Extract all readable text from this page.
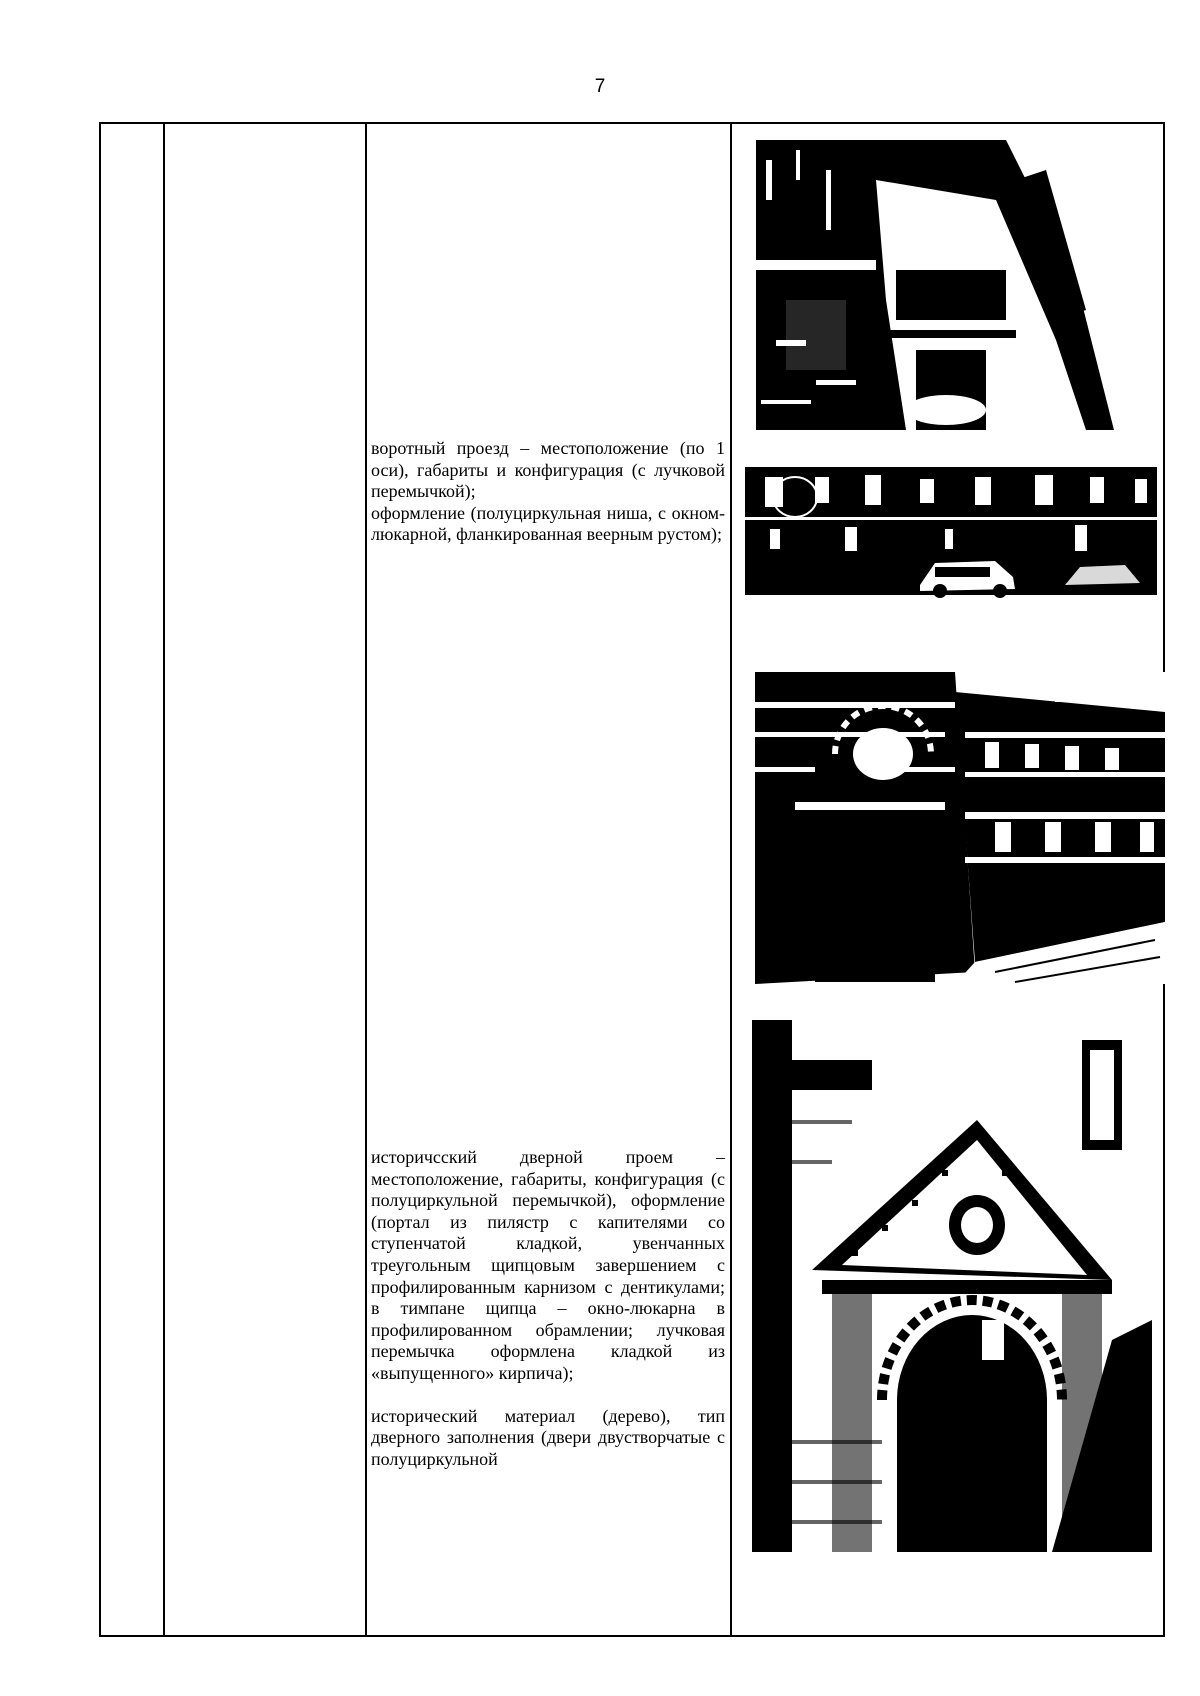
7

воротный проезд – местоположение (по 1 оси), габариты и конфигурация (с лучковой перемычкой);

оформление (полуциркульная ниша, с окном-люкарной, фланкированная веерным рустом);

историчсский дверной проем – местоположение, габариты, конфигурация (с полуциркульной перемычкой), оформление (портал из пилястр с капителями со ступенчатой кладкой, увенчанных треугольным щипцовым завершением с профилированным карнизом с дентикулами; в тимпане щипца – окно-люкарна в профилированном обрамлении; лучковая перемычка оформлена кладкой из «выпущенного» кирпича);

исторический материал (дерево), тип дверного заполнения (двери двустворчатые с полуциркульной
